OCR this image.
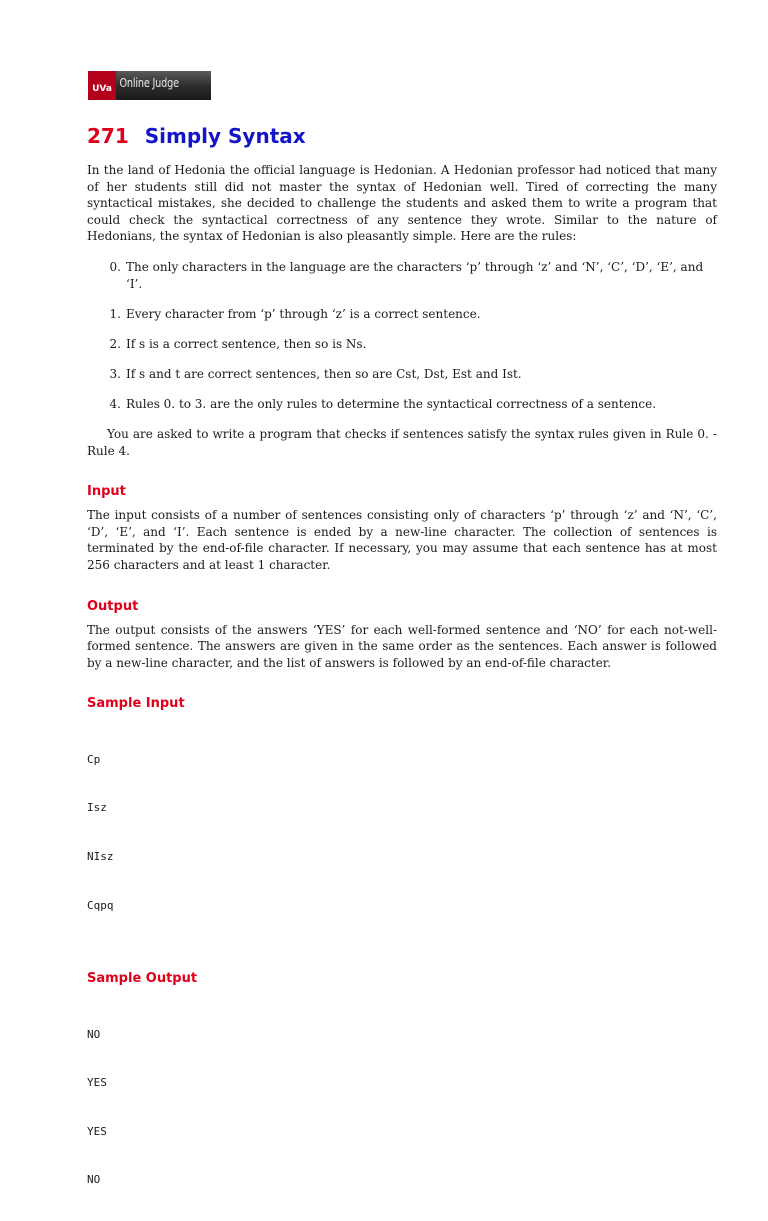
UVa Online Judge
271 Simply Syntax

In the land of Hedonia the official language is Hedonian. A Hedonian professor had noticed that many of her students still did not master the syntax of Hedonian well. Tired of correcting the many syntactical mistakes, she decided to challenge the students and asked them to write a program that could check the syntactical correctness of any sentence they wrote. Similar to the nature of Hedonians, the syntax of Hedonian is also pleasantly simple. Here are the rules:

0. The only characters in the language are the characters ‘p’ through ‘z’ and ‘N’, ‘C’, ‘D’, ‘E’, and ‘I’.
1. Every character from ‘p’ through ‘z’ is a correct sentence.
2. If s is a correct sentence, then so is Ns.
3. If s and t are correct sentences, then so are Cst, Dst, Est and Ist.
4. Rules 0. to 3. are the only rules to determine the syntactical correctness of a sentence.

You are asked to write a program that checks if sentences satisfy the syntax rules given in Rule 0. - Rule 4.

Input

The input consists of a number of sentences consisting only of characters ‘p’ through ‘z’ and ‘N’, ‘C’, ‘D’, ‘E’, and ‘I’. Each sentence is ended by a new-line character. The collection of sentences is terminated by the end-of-file character. If necessary, you may assume that each sentence has at most 256 characters and at least 1 character.

Output

The output consists of the answers ‘YES’ for each well-formed sentence and ‘NO’ for each not-well-formed sentence. The answers are given in the same order as the sentences. Each answer is followed by a new-line character, and the list of answers is followed by an end-of-file character.

Sample Input

Cp

Isz

NIsz

Cqpq

Sample Output

NO

YES

YES

NO
